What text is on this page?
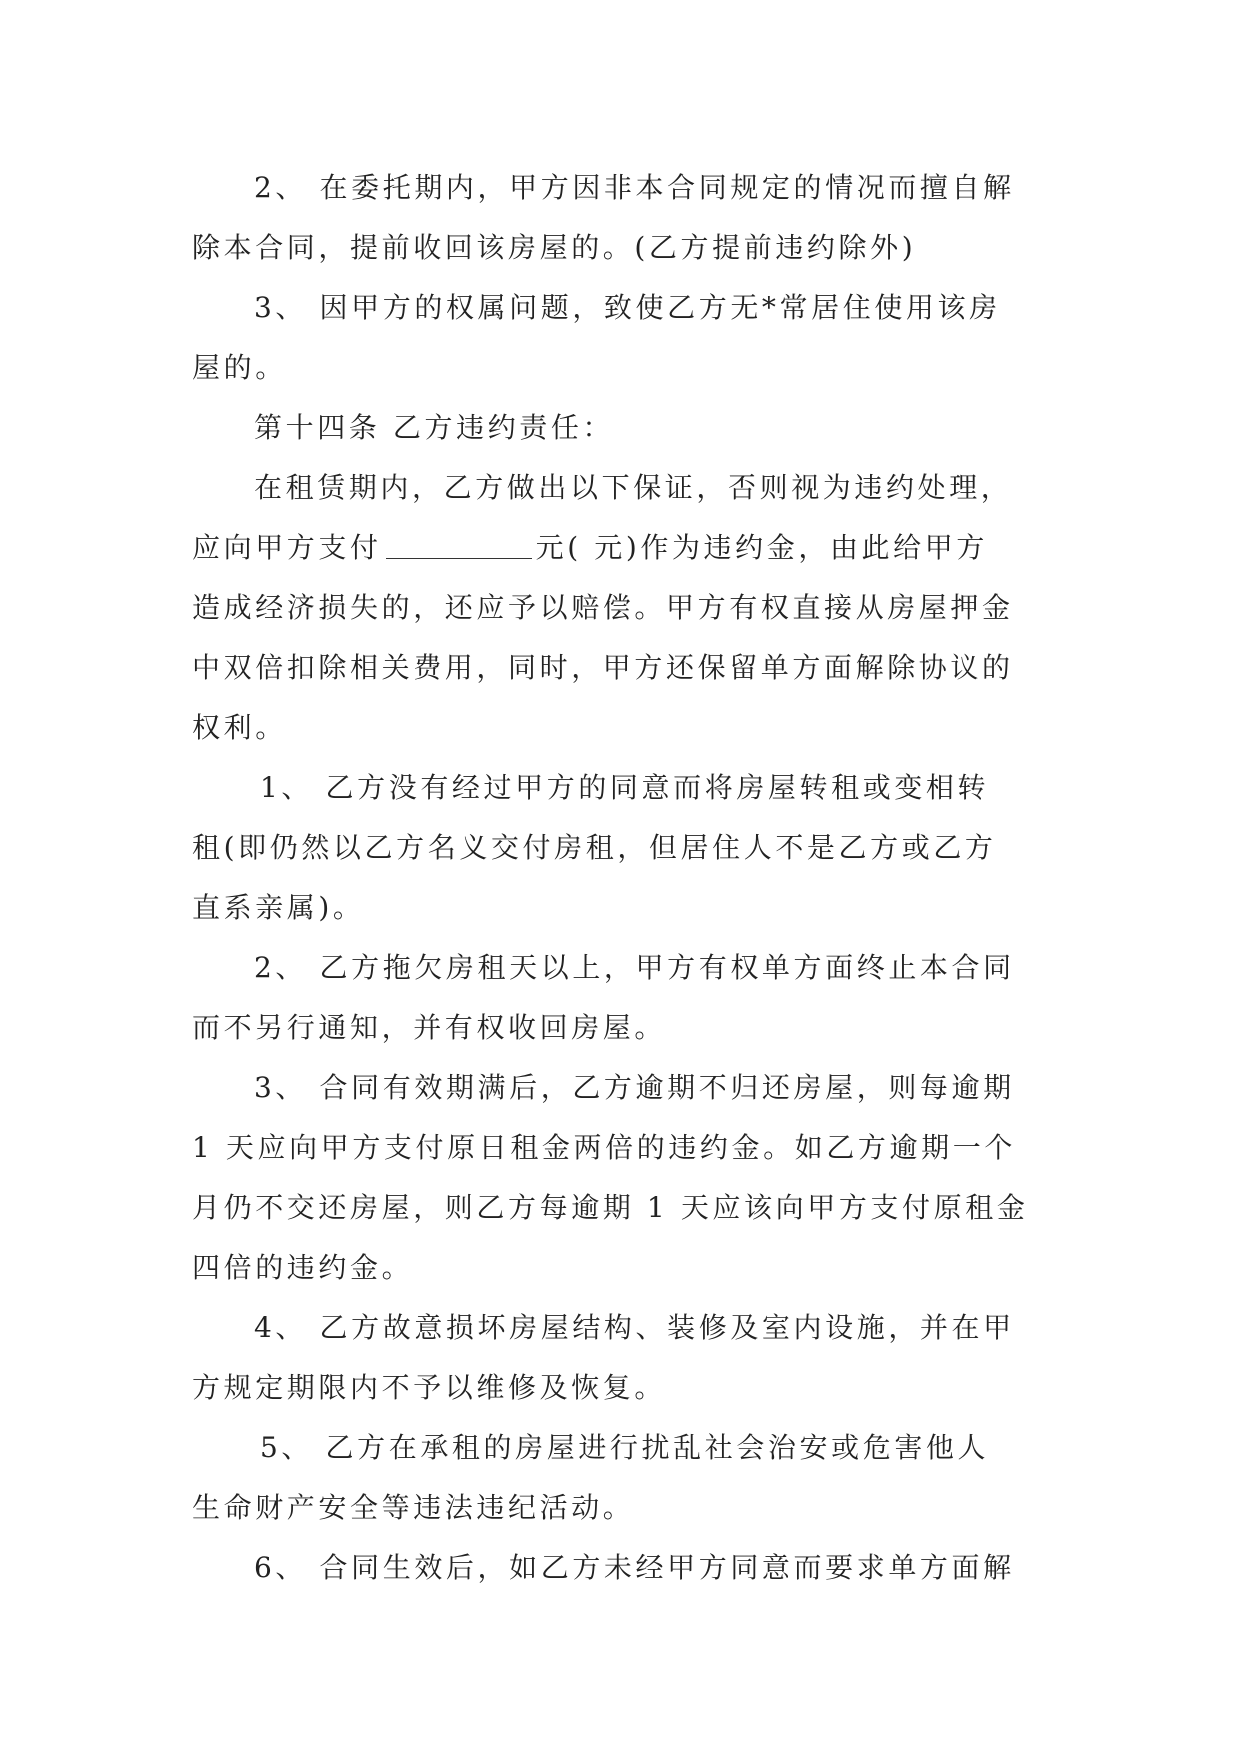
2、 在委托期内，甲方因非本合同规定的情况而擅自解
除本合同，提前收回该房屋的。(乙方提前违约除外)
3、 因甲方的权属问题，致使乙方无*常居住使用该房
屋的。
第十四条 乙方违约责任：
在租赁期内，乙方做出以下保证，否则视为违约处理，
应向甲方支付	元( 元)作为违约金，由此给甲方
造成经济损失的，还应予以赔偿。甲方有权直接从房屋押金
中双倍扣除相关费用，同时，甲方还保留单方面解除协议的
权利。
1、 乙方没有经过甲方的同意而将房屋转租或变相转
租(即仍然以乙方名义交付房租，但居住人不是乙方或乙方
直系亲属)。
2、 乙方拖欠房租天以上，甲方有权单方面终止本合同
而不另行通知，并有权收回房屋。
3、 合同有效期满后，乙方逾期不归还房屋，则每逾期
1 天应向甲方支付原日租金两倍的违约金。如乙方逾期一个
月仍不交还房屋，则乙方每逾期 1 天应该向甲方支付原租金
四倍的违约金。
4、 乙方故意损坏房屋结构、装修及室内设施，并在甲
方规定期限内不予以维修及恢复。
5、 乙方在承租的房屋进行扰乱社会治安或危害他人
生命财产安全等违法违纪活动。
6、 合同生效后，如乙方未经甲方同意而要求单方面解
